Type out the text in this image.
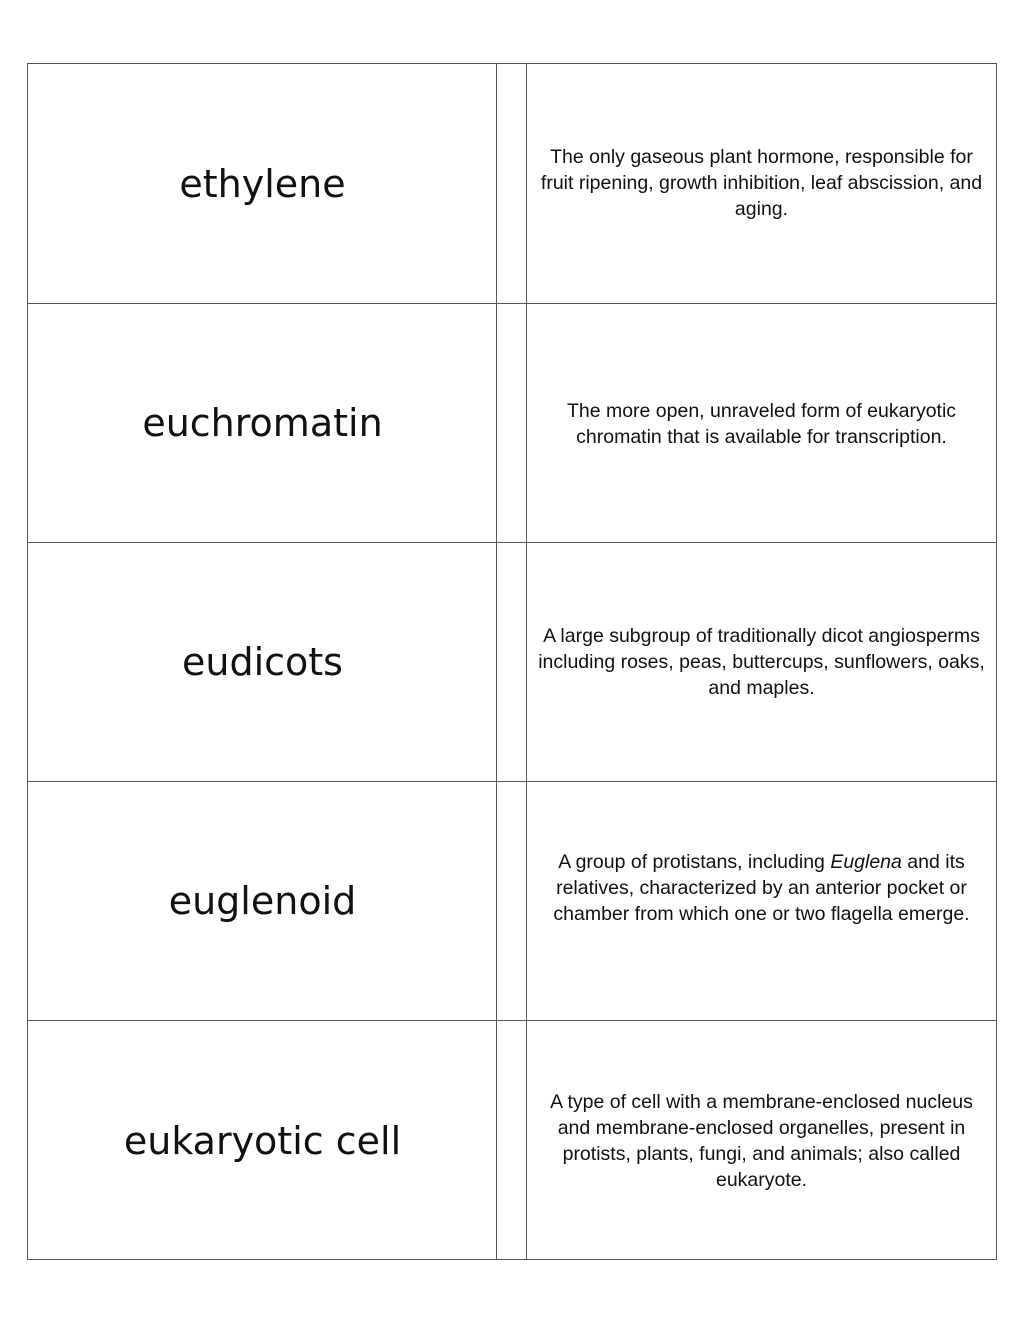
ethylene
The only gaseous plant hormone, responsible for fruit ripening, growth inhibition, leaf abscission, and aging.
euchromatin	The more open, unraveled form of eukaryotic chromatin that is available for transcription.
eudicots
A large subgroup of traditionally dicot angiosperms including roses, peas, buttercups, sunflowers, oaks, and maples.
euglenoid
A group of protistans, including Euglena and its relatives, characterized by an anterior pocket or chamber from which one or two flagella emerge.
eukaryotic cell
A type of cell with a membrane-enclosed nucleus and membrane-enclosed organelles, present in protists, plants, fungi, and animals; also called eukaryote.
